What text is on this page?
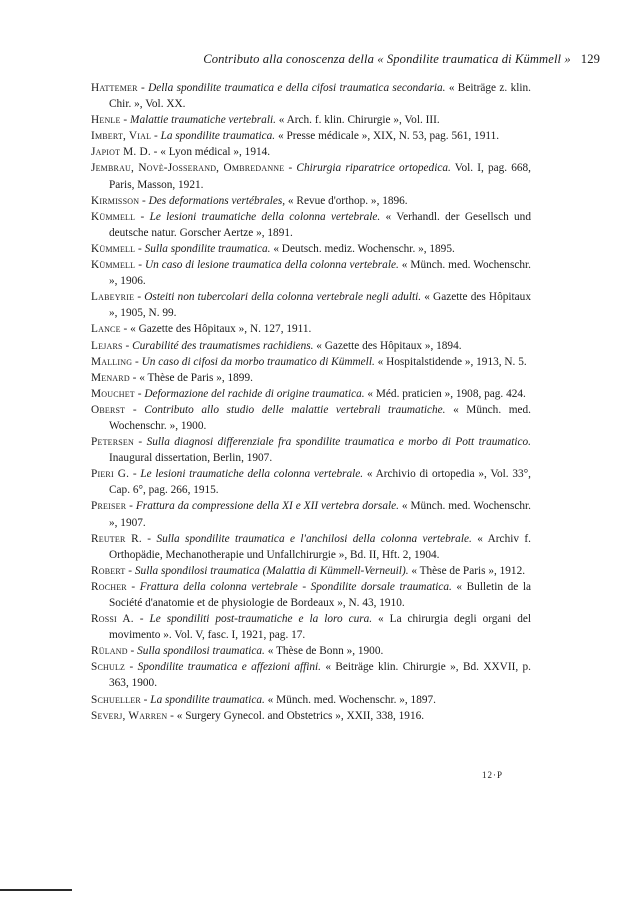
Contributo alla conoscenza della « Spondilite traumatica di Kümmell » 129
Hattemer - Della spondilite traumatica e della cifosi traumatica secondaria. « Beiträge z. klin. Chir. », Vol. XX.
Henle - Malattie traumatiche vertebrali. « Arch. f. klin. Chirurgie », Vol. III.
Imbert, Vial - La spondilite traumatica. « Presse médicale », XIX, N. 53, pag. 561, 1911.
Japiot M. D. - « Lyon médical », 1914.
Jembrau, Novè-Josserand, Ombredanne - Chirurgia riparatrice ortopedica. Vol. I, pag. 668, Paris, Masson, 1921.
Kirmisson - Des deformations vertébrales, « Revue d'orthop. », 1896.
Kümmell - Le lesioni traumatiche della colonna vertebrale. « Verhandl. der Gesellsch und deutsche natur. Gorscher Aertze », 1891.
Kümmell - Sulla spondilite traumatica. « Deutsch. mediz. Wochenschr. », 1895.
Kümmell - Un caso di lesione traumatica della colonna vertebrale. « Münch. med. Wochenschr. », 1906.
Labeyrie - Osteiti non tubercolari della colonna vertebrale negli adulti. « Gazette des Hôpitaux », 1905, N. 99.
Lance - « Gazette des Hôpitaux », N. 127, 1911.
Lejars - Curabilité des traumatismes rachidiens. « Gazette des Hôpitaux », 1894.
Malling - Un caso di cifosi da morbo traumatico di Kümmell. « Hospitalstidende », 1913, N. 5.
Menard - « Thèse de Paris », 1899.
Mouchet - Deformazione del rachide di origine traumatica. « Méd. praticien », 1908, pag. 424.
Oberst - Contributo allo studio delle malattie vertebrali traumatiche. « Münch. med. Wochenschr. », 1900.
Petersen - Sulla diagnosi differenziale fra spondilite traumatica e morbo di Pott traumatico. Inaugural dissertation, Berlin, 1907.
Pieri G. - Le lesioni traumatiche della colonna vertebrale. « Archivio di ortopedia », Vol. 33°, Cap. 6°, pag. 266, 1915.
Preiser - Frattura da compressione della XI e XII vertebra dorsale. « Münch. med. Wochenschr. », 1907.
Reuter R. - Sulla spondilite traumatica e l'anchilosi della colonna vertebrale. « Archiv f. Orthopädie, Mechanotherapie und Unfallchirurgie », Bd. II, Hft. 2, 1904.
Robert - Sulla spondilosi traumatica (Malattia di Kümmell-Verneuil). « Thèse de Paris », 1912.
Rocher - Frattura della colonna vertebrale - Spondilite dorsale traumatica. « Bulletin de la Société d'anatomie et de physiologie de Bordeaux », N. 43, 1910.
Rossi A. - Le spondiliti post-traumatiche e la loro cura. « La chirurgia degli organi del movimento ». Vol. V, fasc. I, 1921, pag. 17.
Rüland - Sulla spondilosi traumatica. « Thèse de Bonn », 1900.
Schulz - Spondilite traumatica e affezioni affini. « Beiträge klin. Chirurgie », Bd. XXVII, p. 363, 1900.
Schueller - La spondilite traumatica. « Münch. med. Wochenschr. », 1897.
Severj, Warren - « Surgery Gynecol. and Obstetrics », XXII, 338, 1916.
12·P
